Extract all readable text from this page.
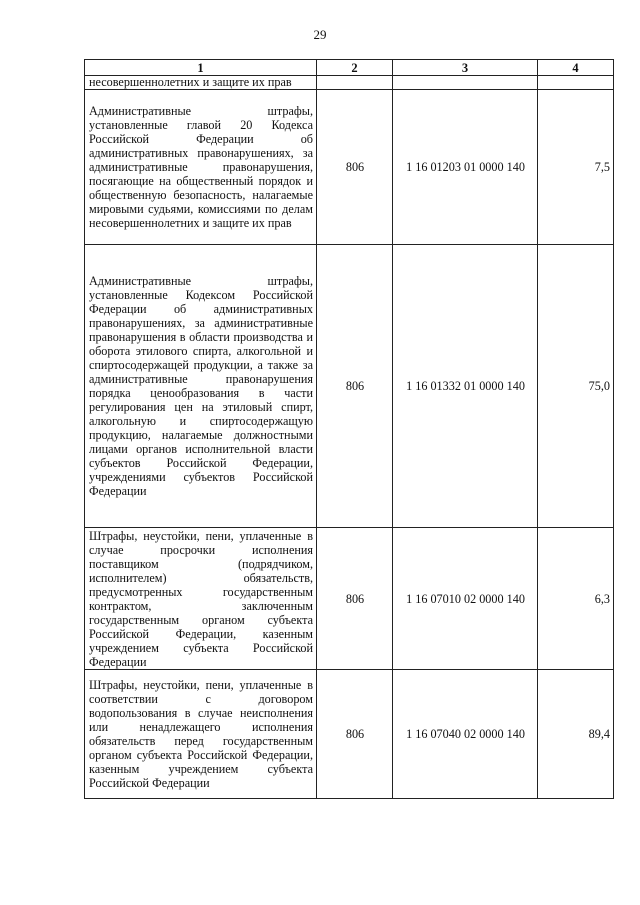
29
1	2	3	4
несовершеннолетних и защите их прав			
Административные штрафы, установленные главой 20 Кодекса Российской Федерации об административных правонарушениях, за административные правонарушения, посягающие на общественный порядок и общественную безопасность, налагаемые мировыми судьями, комиссиями по делам несовершеннолетних и защите их прав	806	1 16 01203 01 0000 140	7,5
Административные штрафы, установленные Кодексом Российской Федерации об административных правонарушениях, за административные правонарушения в области производства и оборота этилового спирта, алкогольной и спиртосодержащей продукции, а также за административные правонарушения порядка ценообразования в части регулирования цен на этиловый спирт, алкогольную и спиртосодержащую продукцию, налагаемые должностными лицами органов исполнительной власти субъектов Российской Федерации, учреждениями субъектов Российской Федерации	806	1 16 01332 01 0000 140	75,0
Штрафы, неустойки, пени, уплаченные в случае просрочки исполнения поставщиком (подрядчиком, исполнителем) обязательств, предусмотренных государственным контрактом, заключенным государственным органом субъекта Российской Федерации, казенным учреждением субъекта Российской Федерации	806	1 16 07010 02 0000 140	6,3
Штрафы, неустойки, пени, уплаченные в соответствии с договором водопользования в случае неисполнения или ненадлежащего исполнения обязательств перед государственным органом субъекта Российской Федерации, казенным учреждением субъекта Российской Федерации	806	1 16 07040 02 0000 140	89,4
